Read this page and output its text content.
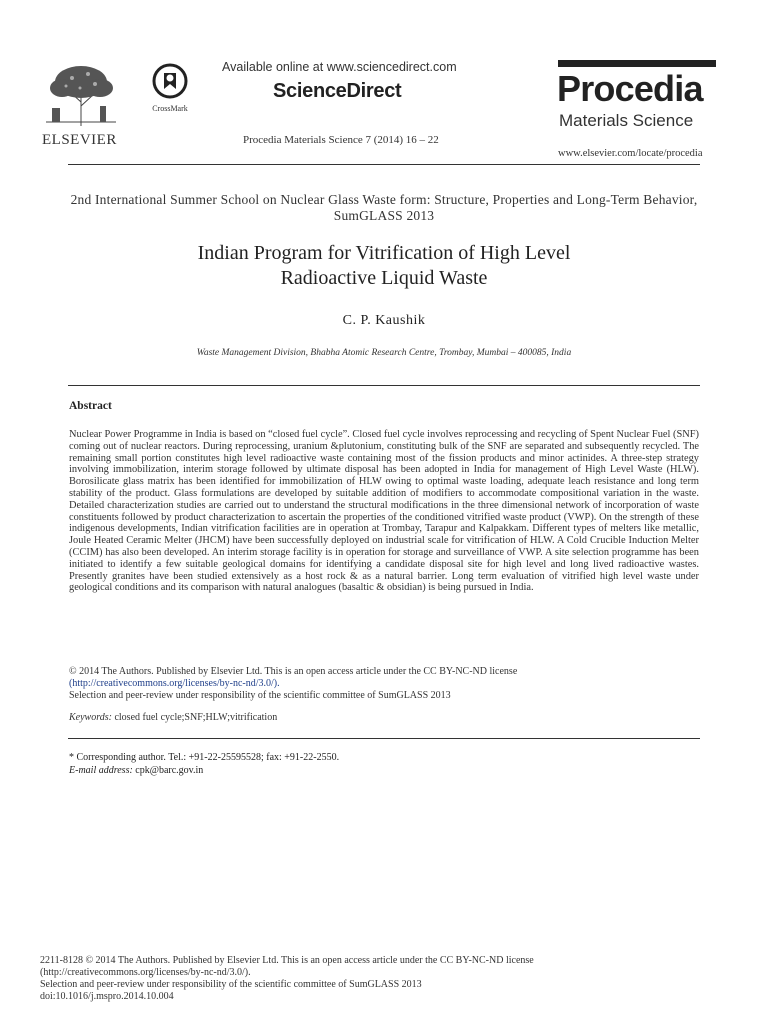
ELSEVIER
CrossMark
Available online at www.sciencedirect.com
ScienceDirect
Procedia Materials Science 7 (2014) 16 – 22
Procedia
Materials Science
www.elsevier.com/locate/procedia
2nd International Summer School on Nuclear Glass Waste form: Structure, Properties and Long-Term Behavior, SumGLASS 2013
Indian Program for Vitrification of High Level
Radioactive Liquid Waste
C. P. Kaushik
Waste Management Division, Bhabha Atomic Research Centre, Trombay, Mumbai – 400085, India
Abstract

Nuclear Power Programme in India is based on “closed fuel cycle”. Closed fuel cycle involves reprocessing and recycling of Spent Nuclear Fuel (SNF) coming out of nuclear reactors. During reprocessing, uranium &plutonium, constituting bulk of the SNF are separated and subsequently recycled. The remaining small portion constitutes high level radioactive waste containing most of the fission products and minor actinides. A three-step strategy involving immobilization, interim storage followed by ultimate disposal has been adopted in India for management of High Level Waste (HLW). Borosilicate glass matrix has been identified for immobilization of HLW owing to optimal waste loading, adequate leach resistance and long term stability of the product. Glass formulations are developed by suitable addition of modifiers to accommodate compositional variation in the waste. Detailed characterization studies are carried out to understand the structural modifications in the three dimensional network of incorporation of waste constituents followed by product characterization to ascertain the properties of the conditioned vitrified waste product (VWP). On the strength of these indigenous developments, Indian vitrification facilities are in operation at Trombay, Tarapur and Kalpakkam. Different types of melters like metallic, Joule Heated Ceramic Melter (JHCM) have been successfully deployed on industrial scale for vitrification of HLW. A Cold Crucible Induction Melter (CCIM) has also been developed. An interim storage facility is in operation for storage and surveillance of VWP. A site selection programme has been initiated to identify a few suitable geological domains for identifying a candidate disposal site for high level and long lived radioactive wastes. Presently granites have been studied extensively as a host rock & as a natural barrier. Long term evaluation of vitrified high level waste under geological conditions and its comparison with natural analogues (basaltic & obsidian) is being pursued in India.

© 2014 The Authors. Published by Elsevier Ltd. This is an open access article under the CC BY-NC-ND license
(http://creativecommons.org/licenses/by-nc-nd/3.0/).
Selection and peer-review under responsibility of the scientific committee of SumGLASS 2013
Keywords: closed fuel cycle;SNF;HLW;vitrification
* Corresponding author. Tel.: +91-22-25595528; fax: +91-22-2550.
E-mail address: cpk@barc.gov.in
2211-8128 © 2014 The Authors. Published by Elsevier Ltd. This is an open access article under the CC BY-NC-ND license
(http://creativecommons.org/licenses/by-nc-nd/3.0/).
Selection and peer-review under responsibility of the scientific committee of SumGLASS 2013
doi:10.1016/j.mspro.2014.10.004
